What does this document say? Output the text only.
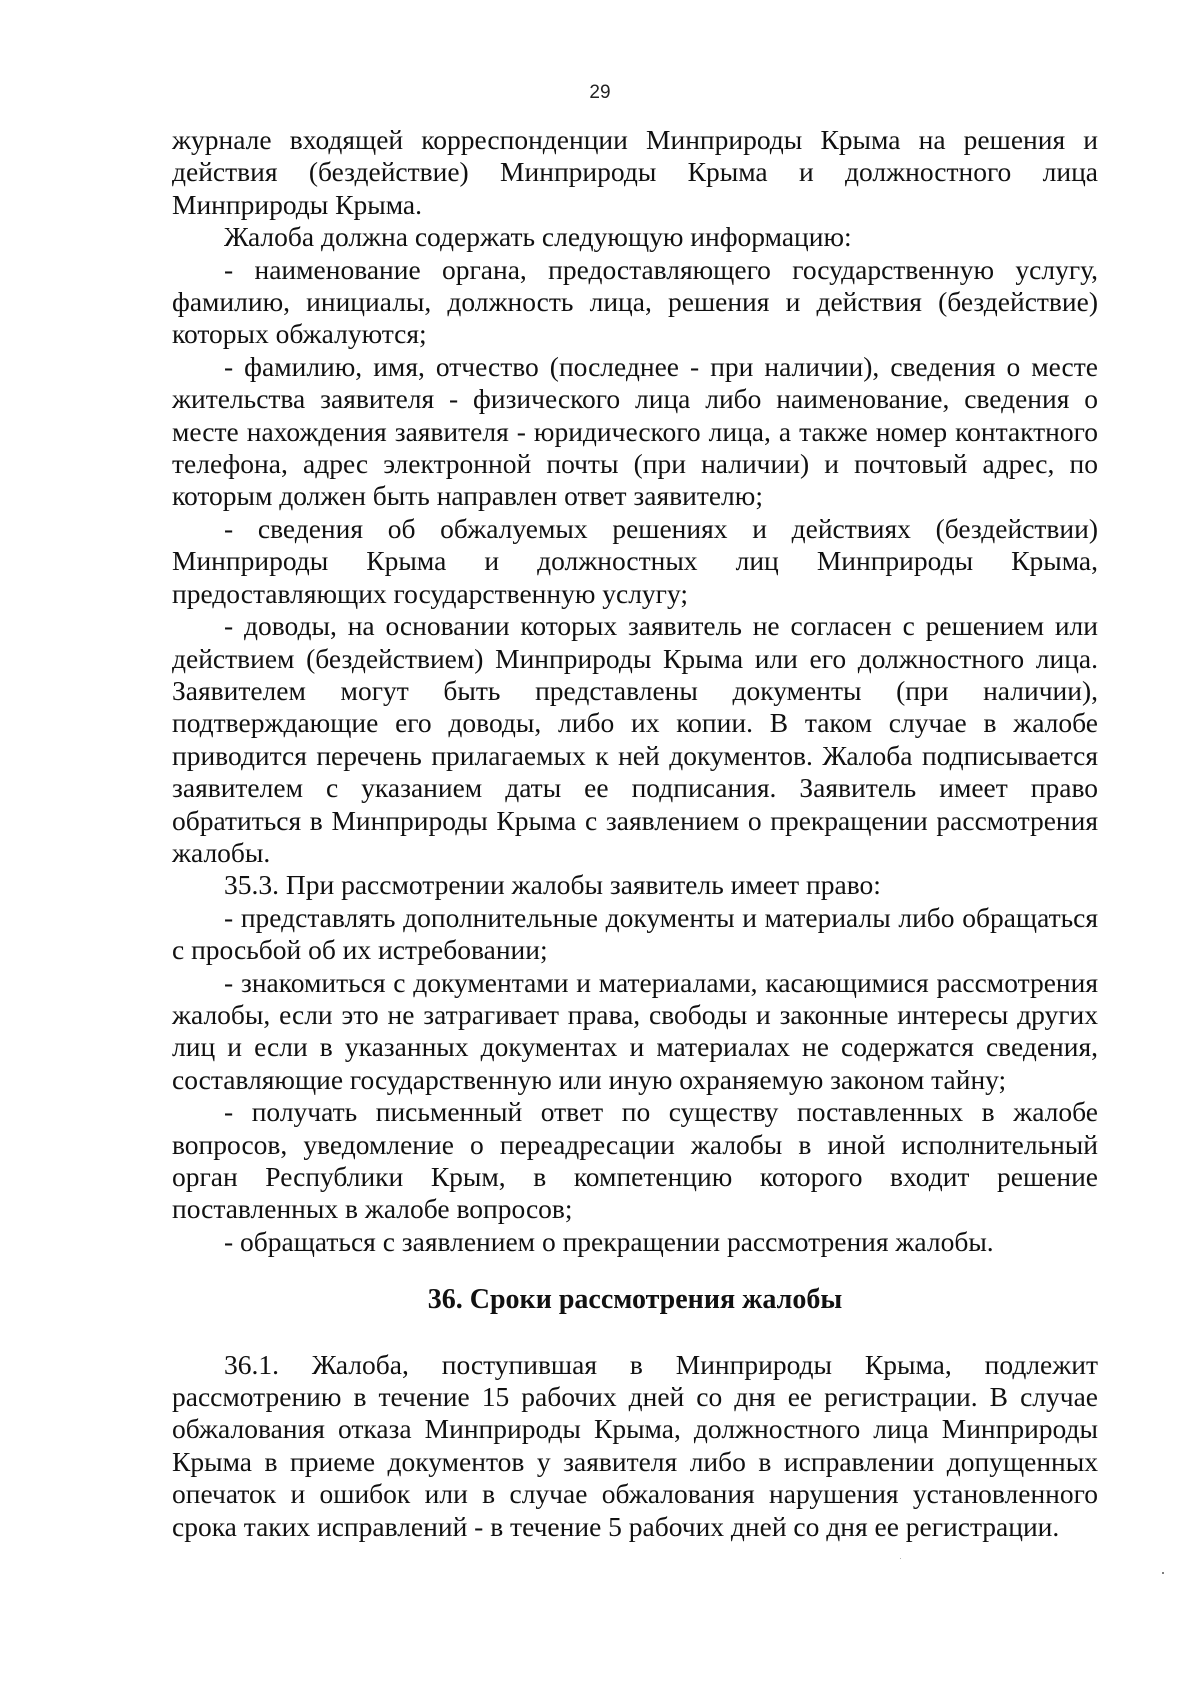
29

журнале входящей корреспонденции Минприроды Крыма на решения и действия (бездействие) Минприроды Крыма и должностного лица Минприроды Крыма.

Жалоба должна содержать следующую информацию:

- наименование органа, предоставляющего государственную услугу, фамилию, инициалы, должность лица, решения и действия (бездействие) которых обжалуются;

- фамилию, имя, отчество (последнее - при наличии), сведения о месте жительства заявителя - физического лица либо наименование, сведения о месте нахождения заявителя - юридического лица, а также номер контактного телефона, адрес электронной почты (при наличии) и почтовый адрес, по которым должен быть направлен ответ заявителю;

- сведения об обжалуемых решениях и действиях (бездействии) Минприроды Крыма и должностных лиц Минприроды Крыма, предоставляющих государственную услугу;

- доводы, на основании которых заявитель не согласен с решением или действием (бездействием) Минприроды Крыма или его должностного лица. Заявителем могут быть представлены документы (при наличии), подтверждающие его доводы, либо их копии. В таком случае в жалобе приводится перечень прилагаемых к ней документов. Жалоба подписывается заявителем с указанием даты ее подписания. Заявитель имеет право обратиться в Минприроды Крыма с заявлением о прекращении рассмотрения жалобы.

35.3. При рассмотрении жалобы заявитель имеет право:

- представлять дополнительные документы и материалы либо обращаться с просьбой об их истребовании;

- знакомиться с документами и материалами, касающимися рассмотрения жалобы, если это не затрагивает права, свободы и законные интересы других лиц и если в указанных документах и материалах не содержатся сведения, составляющие государственную или иную охраняемую законом тайну;

- получать письменный ответ по существу поставленных в жалобе вопросов, уведомление о переадресации жалобы в иной исполнительный орган Республики Крым, в компетенцию которого входит решение поставленных в жалобе вопросов;

- обращаться с заявлением о прекращении рассмотрения жалобы.

36. Сроки рассмотрения жалобы

36.1. Жалоба, поступившая в Минприроды Крыма, подлежит рассмотрению в течение 15 рабочих дней со дня ее регистрации. В случае обжалования отказа Минприроды Крыма, должностного лица Минприроды Крыма в приеме документов у заявителя либо в исправлении допущенных опечаток и ошибок или в случае обжалования нарушения установленного срока таких исправлений - в течение 5 рабочих дней со дня ее регистрации.
